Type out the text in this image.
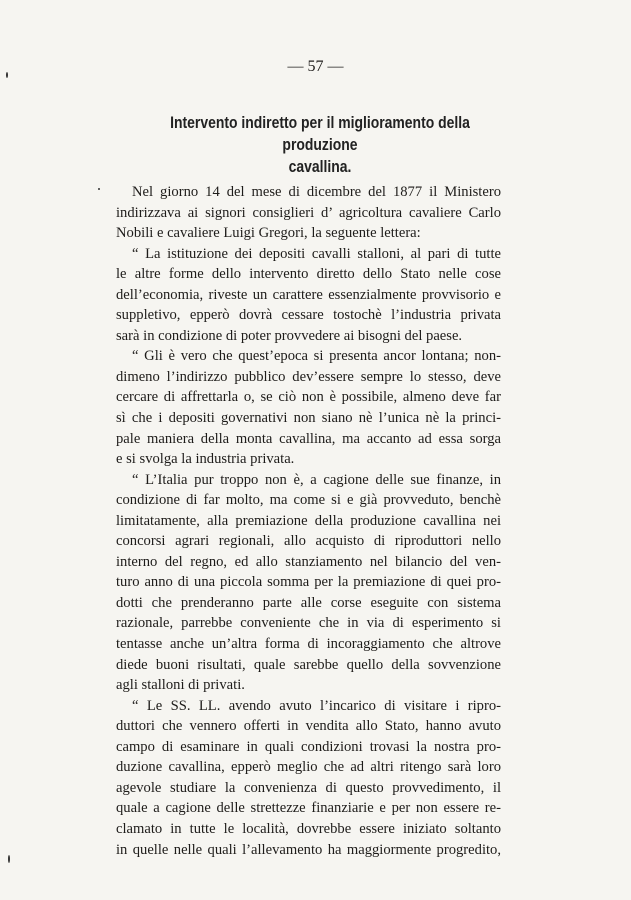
— 57 —
Intervento indiretto per il miglioramento della produzione
cavallina.
Nel giorno 14 del mese di dicembre del 1877 il Ministero
indirizzava ai signori consiglieri d’ agricoltura cavaliere Carlo
Nobili e cavaliere Luigi Gregori, la seguente lettera:
“ La istituzione dei depositi cavalli stalloni, al pari di tutte
le altre forme dello intervento diretto dello Stato nelle cose
dell’economia, riveste un carattere essenzialmente provvisorio e
suppletivo, epperò dovrà cessare tostochè l’industria privata
sarà in condizione di poter provvedere ai bisogni del paese.
“ Gli è vero che quest’epoca si presenta ancor lontana; non-
dimeno l’indirizzo pubblico dev’essere sempre lo stesso, deve
cercare di affrettarla o, se ciò non è possibile, almeno deve far
sì che i depositi governativi non siano nè l’unica nè la princi-
pale maniera della monta cavallina, ma accanto ad essa sorga
e si svolga la industria privata.
“ L’Italia pur troppo non è, a cagione delle sue finanze, in
condizione di far molto, ma come si e già provveduto, benchè
limitatamente, alla premiazione della produzione cavallina nei
concorsi agrari regionali, allo acquisto di riproduttori nello
interno del regno, ed allo stanziamento nel bilancio del ven-
turo anno di una piccola somma per la premiazione di quei pro-
dotti che prenderanno parte alle corse eseguite con sistema
razionale, parrebbe conveniente che in via di esperimento si
tentasse anche un’altra forma di incoraggiamento che altrove
diede buoni risultati, quale sarebbe quello della sovvenzione
agli stalloni di privati.
“ Le SS. LL. avendo avuto l’incarico di visitare i ripro-
duttori che vennero offerti in vendita allo Stato, hanno avuto
campo di esaminare in quali condizioni trovasi la nostra pro-
duzione cavallina, epperò meglio che ad altri ritengo sarà loro
agevole studiare la convenienza di questo provvedimento, il
quale a cagione delle strettezze finanziarie e per non essere re-
clamato in tutte le località, dovrebbe essere iniziato soltanto
in quelle nelle quali l’allevamento ha maggiormente progredito,
